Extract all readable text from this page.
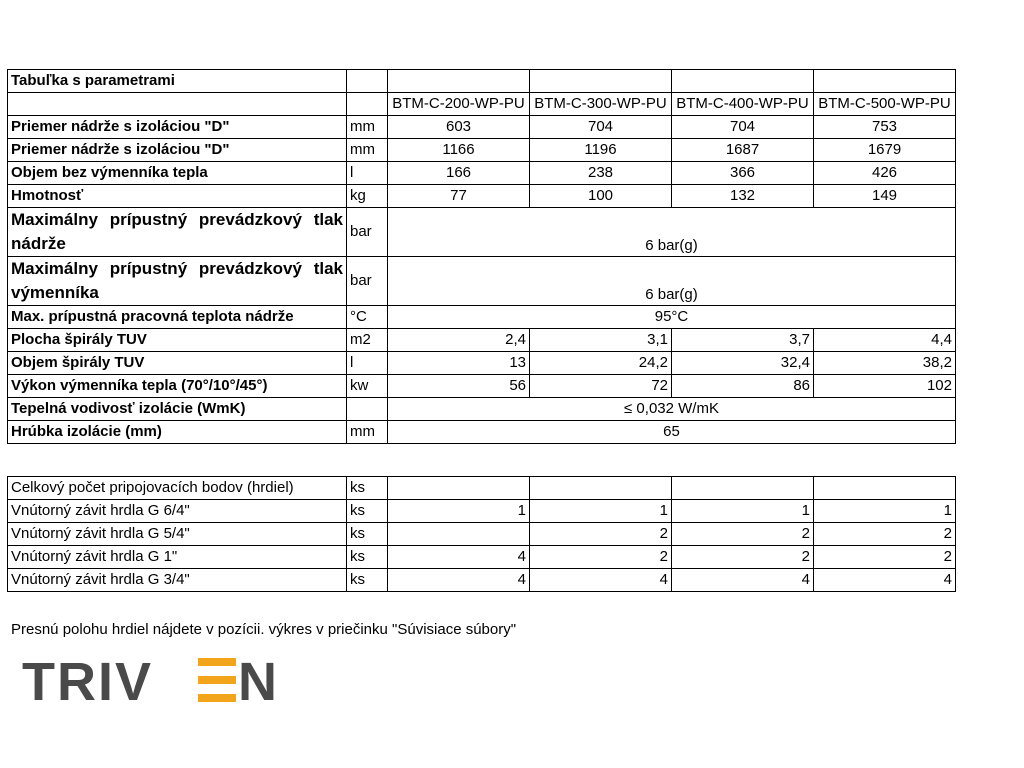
Tabuľka s parametrami					
		BTM-C-200-WP-PU	BTM-C-300-WP-PU	BTM-C-400-WP-PU	BTM-C-500-WP-PU
Priemer nádrže s izoláciou "D"	mm	603	704	704	753
Priemer nádrže s izoláciou "D"	mm	1166	1196	1687	1679
Objem bez výmenníka tepla	l	166	238	366	426
Hmotnosť	kg	77	100	132	149
Maximálny prípustný prevádzkový tlak nádrže	bar	6 bar(g)			
Maximálny prípustný prevádzkový tlak výmenníka	bar	6 bar(g)			
Max. prípustná pracovná teplota nádrže	°C	95°C			
Plocha špirály TUV	m2	2,4	3,1	3,7	4,4
Objem špirály TUV	l	13	24,2	32,4	38,2
Výkon výmenníka tepla (70°/10°/45°)	kw	56	72	86	102
Tepelná vodivosť izolácie (WmK)		≤ 0,032 W/mK			
Hrúbka izolácie (mm)	mm	65			
Celkový počet pripojovacích bodov (hrdiel)	ks				
Vnútorný závit hrdla G 6/4"	ks	1	1	1	1
Vnútorný závit hrdla G 5/4"	ks		2	2	2
Vnútorný závit hrdla G 1"	ks	4	2	2	2
Vnútorný závit hrdla G 3/4"	ks	4	4	4	4
Presnú polohu hrdiel nájdete v pozícii. výkres v priečinku "Súvisiace súbory"
TRIV N
